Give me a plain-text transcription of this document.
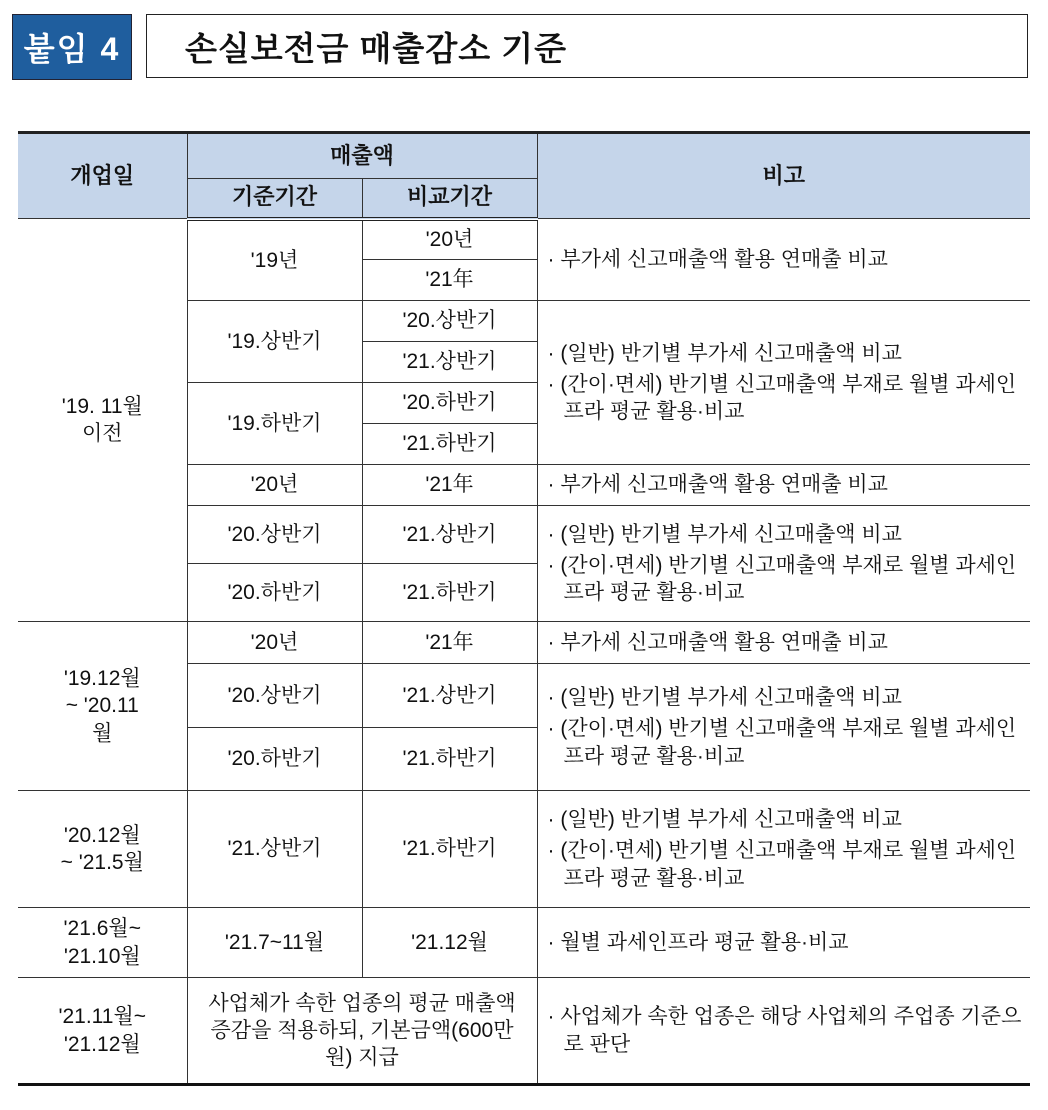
붙임 4	손실보전금 매출감소 기준
개업일	매출액		비고
	기준기간	비교기간	
'19. 11월 이전	'19년	'20년	· 부가세 신고매출액 활용 연매출 비교
		'21年	
	'19.상반기	'20.상반기	· (일반) 반기별 부가세 신고매출액 비교
· (간이·면세) 반기별 신고매출액 부재로 월별 과세인프라 평균 활용·비교

		'21.상반기	
	'19.하반기	'20.하반기	
		'21.하반기	
	'20년	'21年	· 부가세 신고매출액 활용 연매출 비교
	'20.상반기	'21.상반기	· (일반) 반기별 부가세 신고매출액 비교
· (간이·면세) 반기별 신고매출액 부재로 월별 과세인프라 평균 활용·비교

	'20.하반기	'21.하반기	
'19.12월~ '20.11월	'20년	'21年	· 부가세 신고매출액 활용 연매출 비교
	'20.상반기	'21.상반기	· (일반) 반기별 부가세 신고매출액 비교
· (간이·면세) 반기별 신고매출액 부재로 월별 과세인프라 평균 활용·비교

	'20.하반기	'21.하반기	
'20.12월~ '21.5월	'21.상반기	'21.하반기	· (일반) 반기별 부가세 신고매출액 비교
· (간이·면세) 반기별 신고매출액 부재로 월별 과세인프라 평균 활용·비교

'21.6월~ '21.10월	'21.7~11월	'21.12월	· 월별 과세인프라 평균 활용·비교
'21.11월~ '21.12월	사업체가 속한 업종의 평균 매출액 증감을 적용하되, 기본금액(600만원) 지급		· 사업체가 속한 업종은 해당 사업체의 주업종 기준으로 판단
